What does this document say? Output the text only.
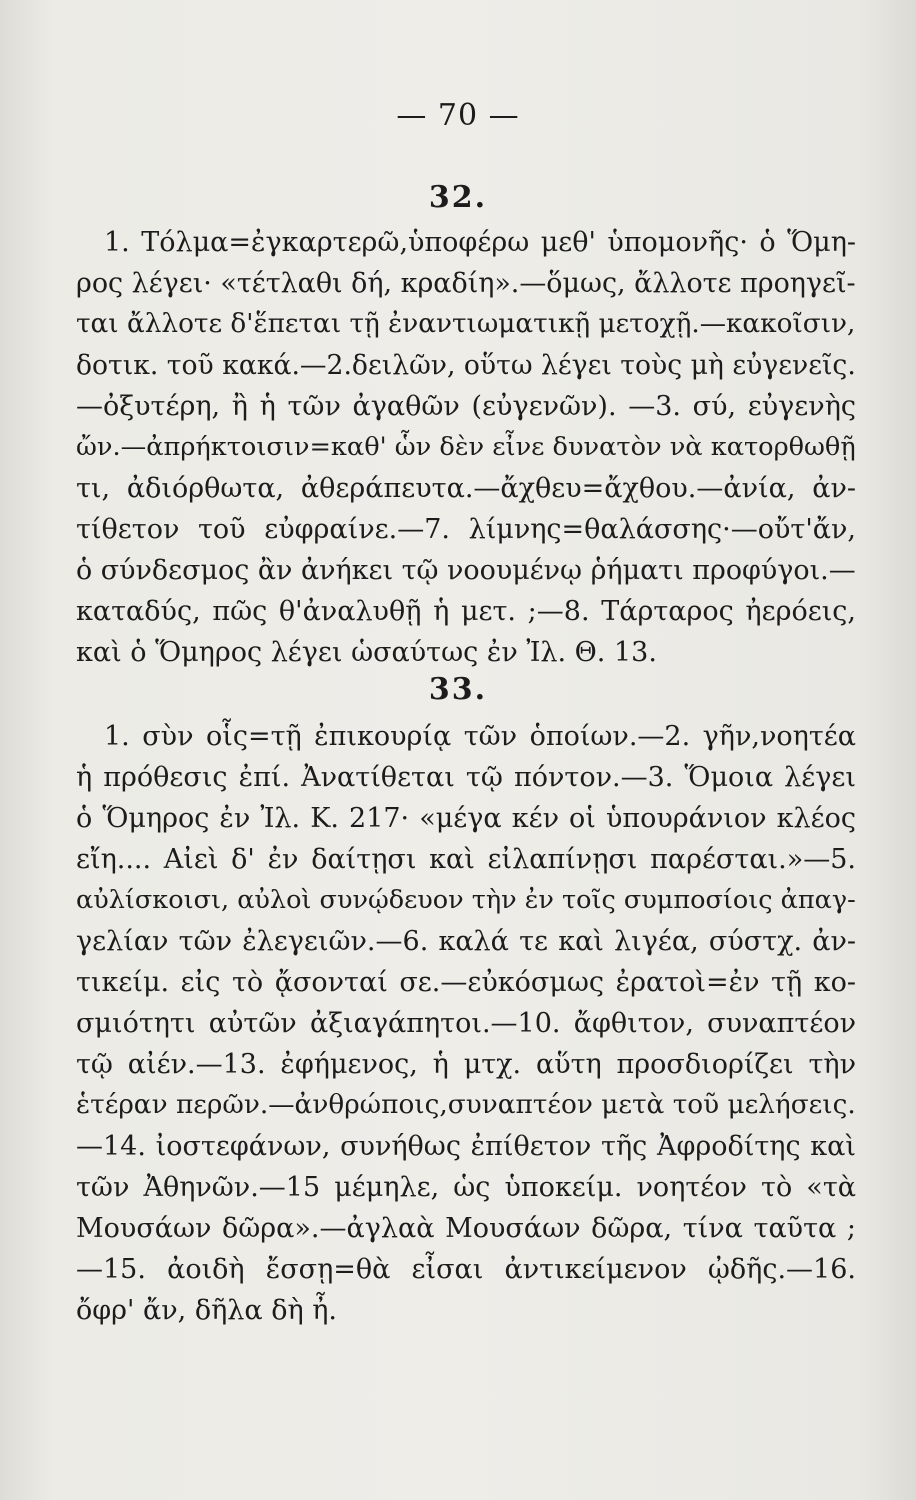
— 70 —
32.
1. Τόλμα=ἐγκαρτερῶ,ὑποφέρω μεθ' ὑπομονῆς· ὁ Ὅμη-
ρος λέγει· «τέτλαθι δή, κραδίη».—ὅμως, ἄλλοτε προηγεῖ-
ται ἄλλοτε δ'ἕπεται τῇ ἐναντιωματικῇ μετοχῇ.—κακοῖσιν,
δοτικ. τοῦ κακά.—2.δειλῶν, οὕτω λέγει τοὺς μὴ εὐγενεῖς.
—ὀξυτέρη, ἢ ἡ τῶν ἀγαθῶν (εὐγενῶν). —3. σύ, εὐγενὴς
ὤν.—ἀπρήκτοισιν=καθ' ὧν δὲν εἶνε δυνατὸν νὰ κατορθωθῇ
τι, ἀδιόρθωτα, ἀθεράπευτα.—ἄχθευ=ἄχθου.—ἀνία, ἀν-
τίθετον τοῦ εὐφραίνε.—7. λίμνης=θαλάσσης·—οὔτ'ἄν,
ὁ σύνδεσμος ἂν ἀνήκει τῷ νοουμένῳ ῥήματι προφύγοι.—
καταδύς, πῶς θ'ἀναλυθῇ ἡ μετ. ;—8. Τάρταρος ἠερόεις,
καὶ ὁ Ὅμηρος λέγει ὡσαύτως ἐν Ἰλ. Θ. 13.
33.
1. σὺν οἷς=τῇ ἐπικουρίᾳ τῶν ὁποίων.—2. γῆν,νοητέα
ἡ πρόθεσις ἐπί. Ἀνατίθεται τῷ πόντον.—3. Ὅμοια λέγει
ὁ Ὅμηρος ἐν Ἰλ. Κ. 217· «μέγα κέν οἱ ὑπουράνιον κλέος
εἴη.... Αἰεὶ δ' ἐν δαίτῃσι καὶ εἰλαπίνῃσι παρέσται.»—5.
αὐλίσκοισι, αὐλοὶ συνῴδευον τὴν ἐν τοῖς συμποσίοις ἀπαγ-
γελίαν τῶν ἐλεγειῶν.—6. καλά τε καὶ λιγέα, σύστχ. ἀν-
τικείμ. εἰς τὸ ᾄσονταί σε.—εὐκόσμως ἐρατοὶ=ἐν τῇ κο-
σμιότητι αὐτῶν ἀξιαγάπητοι.—10. ἄφθιτον, συναπτέον
τῷ αἰέν.—13. ἐφήμενος, ἡ μτχ. αὕτη προσδιορίζει τὴν
ἑτέραν περῶν.—ἀνθρώποις,συναπτέον μετὰ τοῦ μελήσεις.
—14. ἰοστεφάνων, συνήθως ἐπίθετον τῆς Ἀφροδίτης καὶ
τῶν Ἀθηνῶν.—15 μέμηλε, ὡς ὑποκείμ. νοητέον τὸ «τὰ
Μουσάων δῶρα».—ἀγλαὰ Μουσάων δῶρα, τίνα ταῦτα ;
—15. ἀοιδὴ ἔσσῃ=θὰ εἶσαι ἀντικείμενον ᾠδῆς.—16.
ὄφρ' ἄν, δῆλα δὴ ἦ.
